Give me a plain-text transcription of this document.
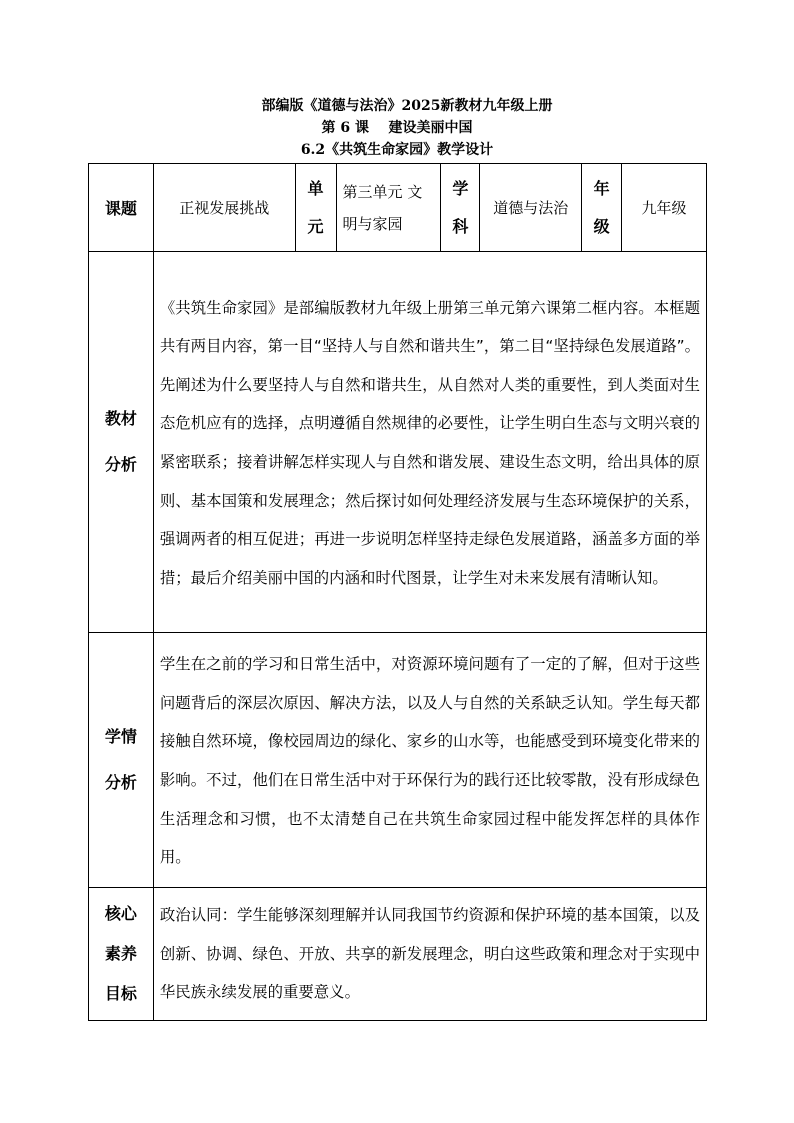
部编版《道德与法治》2025新教材九年级上册
第 6 课    建设美丽中国
6.2《共筑生命家园》教学设计
课题	正视发展挑战	单元	第三单元 文明与家园	学科	道德与法治	年级	九年级

教材
分析	《共筑生命家园》是部编版教材九年级上册第三单元第六课第二框内容。本框题共有两目内容，第一目“坚持人与自然和谐共生”，第二目“坚持绿色发展道路”。先阐述为什么要坚持人与自然和谐共生，从自然对人类的重要性，到人类面对生态危机应有的选择，点明遵循自然规律的必要性，让学生明白生态与文明兴衰的紧密联系；接着讲解怎样实现人与自然和谐发展、建设生态文明，给出具体的原则、基本国策和发展理念；然后探讨如何处理经济发展与生态环境保护的关系，强调两者的相互促进；再进一步说明怎样坚持走绿色发展道路，涵盖多方面的举措；最后介绍美丽中国的内涵和时代图景，让学生对未来发展有清晰认知。						

学情
分析	学生在之前的学习和日常生活中，对资源环境问题有了一定的了解，但对于这些问题背后的深层次原因、解决方法，以及人与自然的关系缺乏认知。学生每天都接触自然环境，像校园周边的绿化、家乡的山水等，也能感受到环境变化带来的影响。不过，他们在日常生活中对于环保行为的践行还比较零散，没有形成绿色生活理念和习惯，也不太清楚自己在共筑生命家园过程中能发挥怎样的具体作用。						

核心
素养
目标	政治认同：学生能够深刻理解并认同我国节约资源和保护环境的基本国策，以及创新、协调、绿色、开放、共享的新发展理念，明白这些政策和理念对于实现中华民族永续发展的重要意义。						
